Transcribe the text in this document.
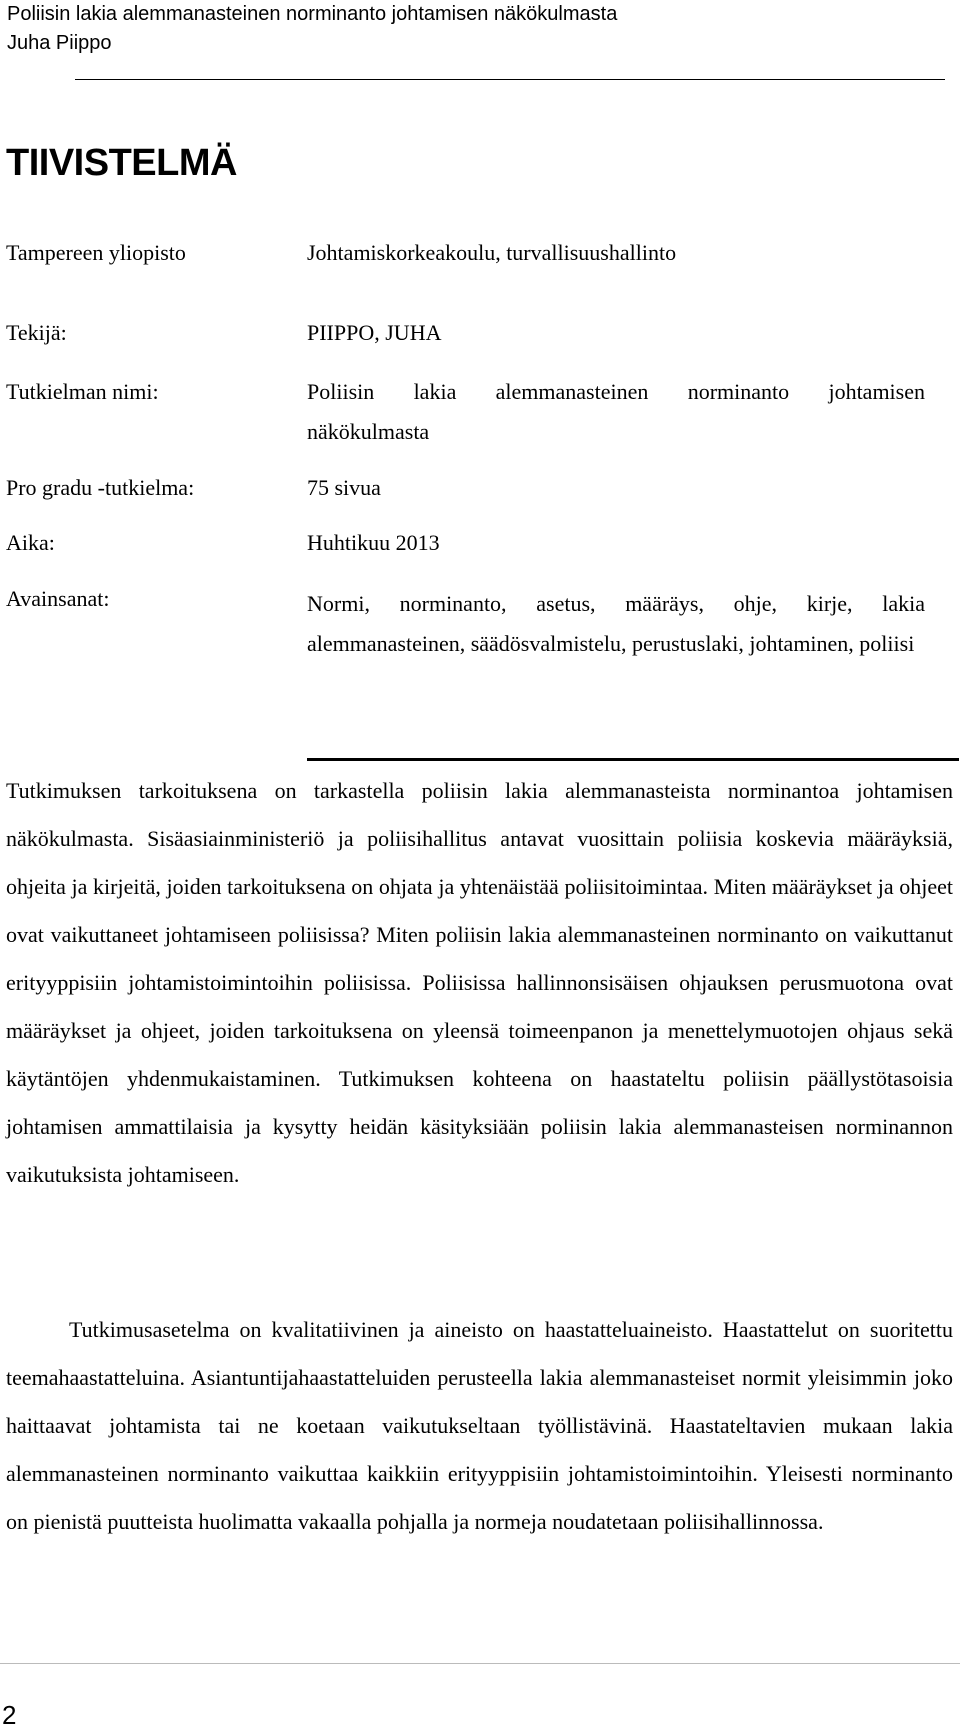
Poliisin lakia alemmanasteinen norminanto johtamisen näkökulmasta
Juha Piippo
TIIVISTELMÄ
Tampereen yliopisto	Johtamiskorkeakoulu, turvallisuushallinto
Tekijä:	PIIPPO, JUHA
Tutkielman nimi:	Poliisin lakia alemmanasteinen norminanto johtamisen
näkökulmasta
Pro gradu -tutkielma:	75 sivua
Aika:	Huhtikuu 2013
Avainsanat:	Normi, norminanto, asetus, määräys, ohje, kirje, lakia alemmanasteinen, säädösvalmistelu, perustuslaki, johtaminen, poliisi
Tutkimuksen tarkoituksena on tarkastella poliisin lakia alemmanasteista norminantoa johtamisen näkökulmasta. Sisäasiainministeriö ja poliisihallitus antavat vuosittain poliisia koskevia määräyksiä, ohjeita ja kirjeitä, joiden tarkoituksena on ohjata ja yhtenäistää poliisitoimintaa. Miten määräykset ja ohjeet ovat vaikuttaneet johtamiseen poliisissa? Miten poliisin lakia alemmanasteinen norminanto on vaikuttanut erityyppisiin johtamistoimintoihin poliisissa. Poliisissa hallinnonsisäisen ohjauksen perusmuotona ovat määräykset ja ohjeet, joiden tarkoituksena on yleensä toimeenpanon ja menettelymuotojen ohjaus sekä käytäntöjen yhdenmukaistaminen. Tutkimuksen kohteena on haastateltu poliisin päällystötasoisia johtamisen ammattilaisia ja kysytty heidän käsityksiään poliisin lakia alemmanasteisen norminannon vaikutuksista johtamiseen.
Tutkimusasetelma on kvalitatiivinen ja aineisto on haastatteluaineisto. Haastattelut on suoritettu teemahaastatteluina. Asiantuntijahaastatteluiden perusteella lakia alemmanasteiset normit yleisimmin joko haittaavat johtamista tai ne koetaan vaikutukseltaan työllistävinä. Haastateltavien mukaan lakia alemmanasteinen norminanto vaikuttaa kaikkiin erityyppisiin johtamistoimintoihin. Yleisesti norminanto on pienistä puutteista huolimatta vakaalla pohjalla ja normeja noudatetaan poliisihallinnossa.
2
